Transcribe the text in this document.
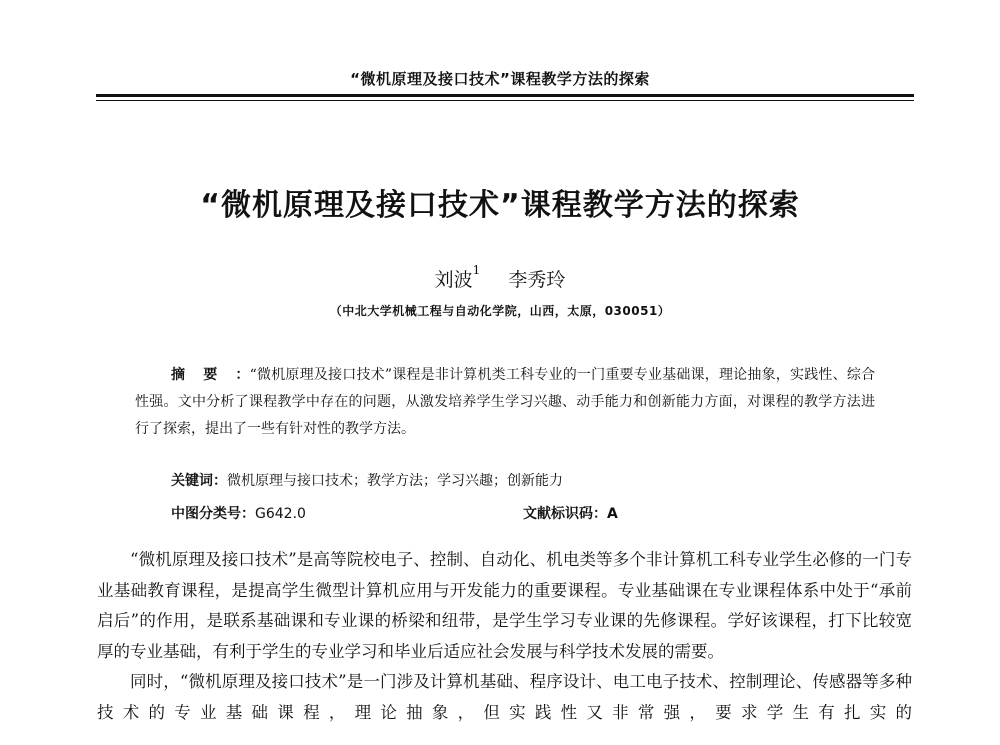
“微机原理及接口技术”课程教学方法的探索
“微机原理及接口技术”课程教学方法的探索
刘波$^1$ 李秀玲
（中北大学机械工程与自动化学院，山西，太原，030051）
摘要：“微机原理及接口技术”课程是非计算机类工科专业的一门重要专业基础课，理论抽象，实践性、综合性强。文中分析了课程教学中存在的问题，从激发培养学生学习兴趣、动手能力和创新能力方面，对课程的教学方法进行了探索，提出了一些有针对性的教学方法。
关键词：微机原理与接口技术；教学方法；学习兴趣；创新能力
中图分类号：G642.0	文献标识码：A

“微机原理及接口技术”是高等院校电子、控制、自动化、机电类等多个非计算机工科专业学生必修的一门专业基础教育课程，是提高学生微型计算机应用与开发能力的重要课程。专业基础课在专业课程体系中处于“承前启后”的作用，是联系基础课和专业课的桥梁和纽带，是学生学习专业课的先修课程。学好该课程，打下比较宽厚的专业基础，有利于学生的专业学习和毕业后适应社会发展与科学技术发展的需要。

同时，“微机原理及接口技术”是一门涉及计算机基础、程序设计、电工电子技术、控制理论、传感器等多种技术的专业基础课程，理论抽象，但实践性又非常强，要求学生有扎实的
